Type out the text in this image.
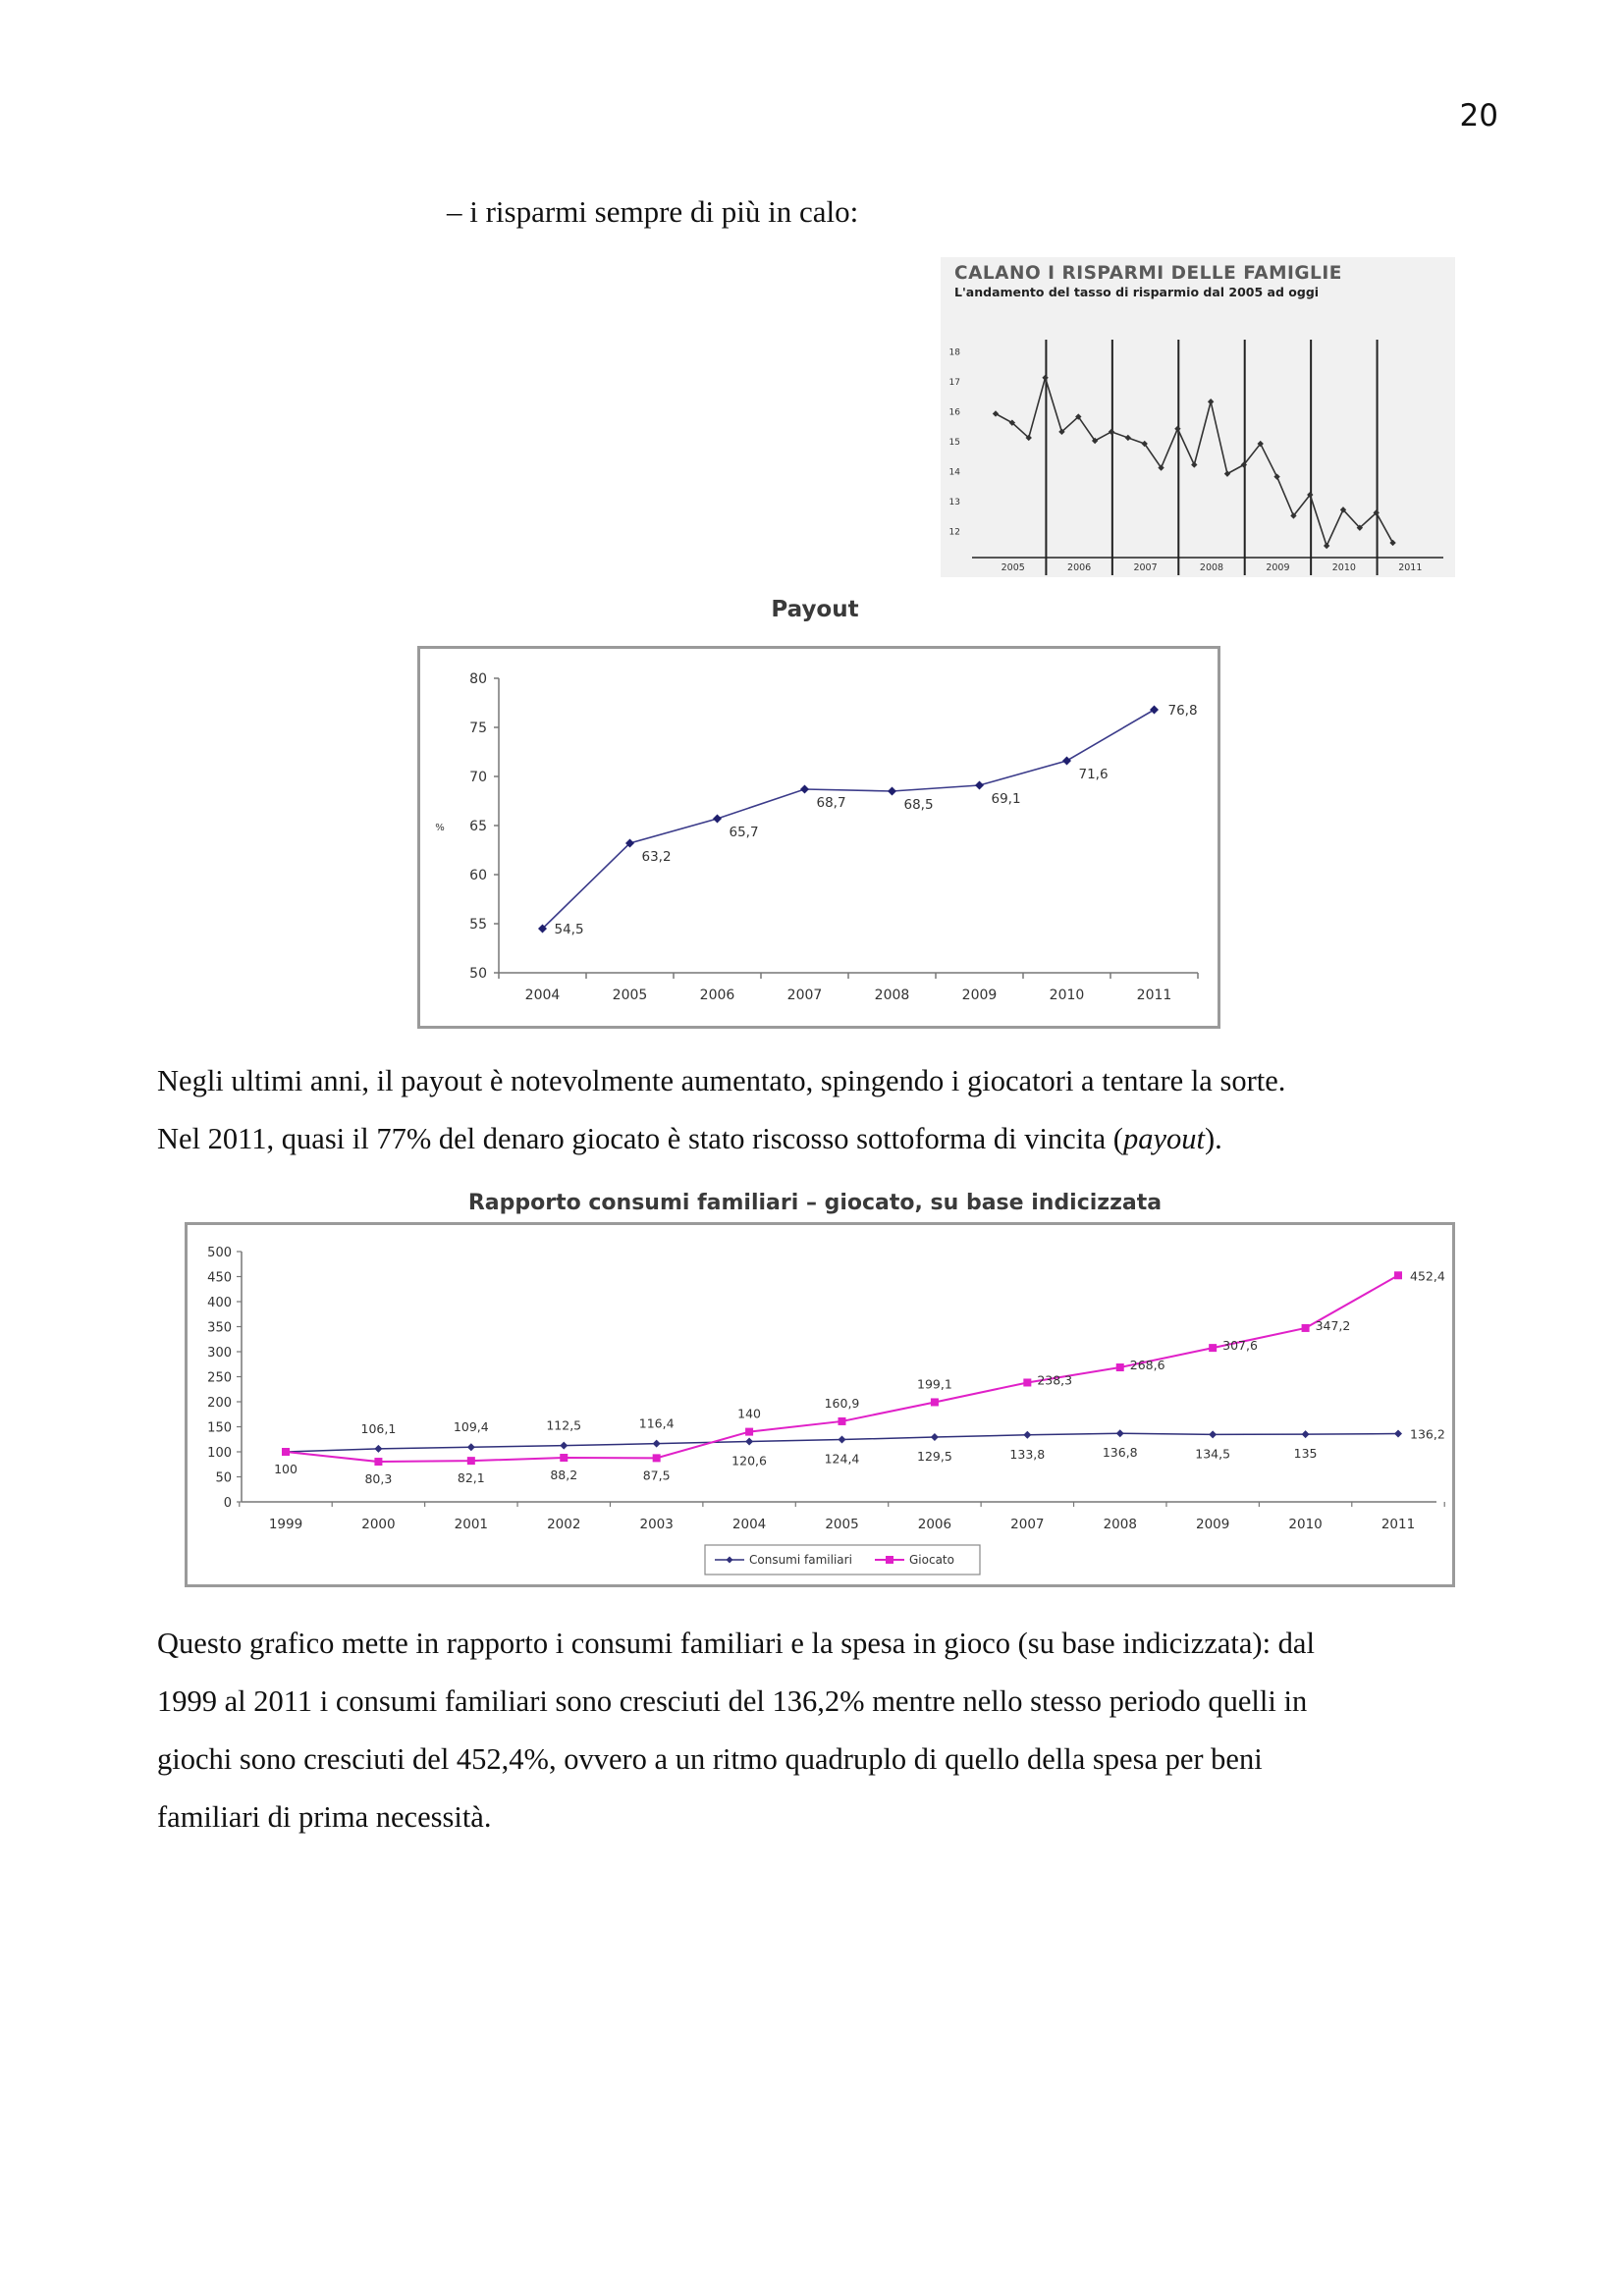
20
– i risparmi sempre di più in calo:
CALANO I RISPARMI DELLE FAMIGLIE
L'andamento del tasso di risparmio dal 2005 ad oggi
18
17
16
15
14
13
12
2005	2006	2007	2008	2009	2010	2011
Payout
80
75
70
65
60
55
50
%
2004	2005	2006	2007	2008	2009	2010	2011
54,5
63,2
65,7
68,7	68,5	69,1
71,6
76,8
Negli ultimi anni, il payout è notevolmente aumentato, spingendo i giocatori a tentare la sorte.
Nel 2011, quasi il 77% del denaro giocato è stato riscosso sottoforma di vincita (payout).
Rapporto consumi familiari – giocato, su base indicizzata
500
450
400
350
300
250
200
150
100
50
0
1999	2000	2001	2002	2003	2004	2005	2006	2007	2008	2009	2010	2011
106,1	109,4	112,5	116,4
120,6	124,4	129,5	133,8	136,8	134,5	135
136,2
100
80,3	82,1	88,2	87,5
140
160,9
199,1	238,3
268,6
307,6
347,2
452,4
Consumi familiari	Giocato
Questo grafico mette in rapporto i consumi familiari e la spesa in gioco (su base indicizzata): dal
1999 al 2011 i consumi familiari sono cresciuti del 136,2% mentre nello stesso periodo quelli in
giochi sono cresciuti del 452,4%, ovvero a un ritmo quadruplo di quello della spesa per beni
familiari di prima necessità.
